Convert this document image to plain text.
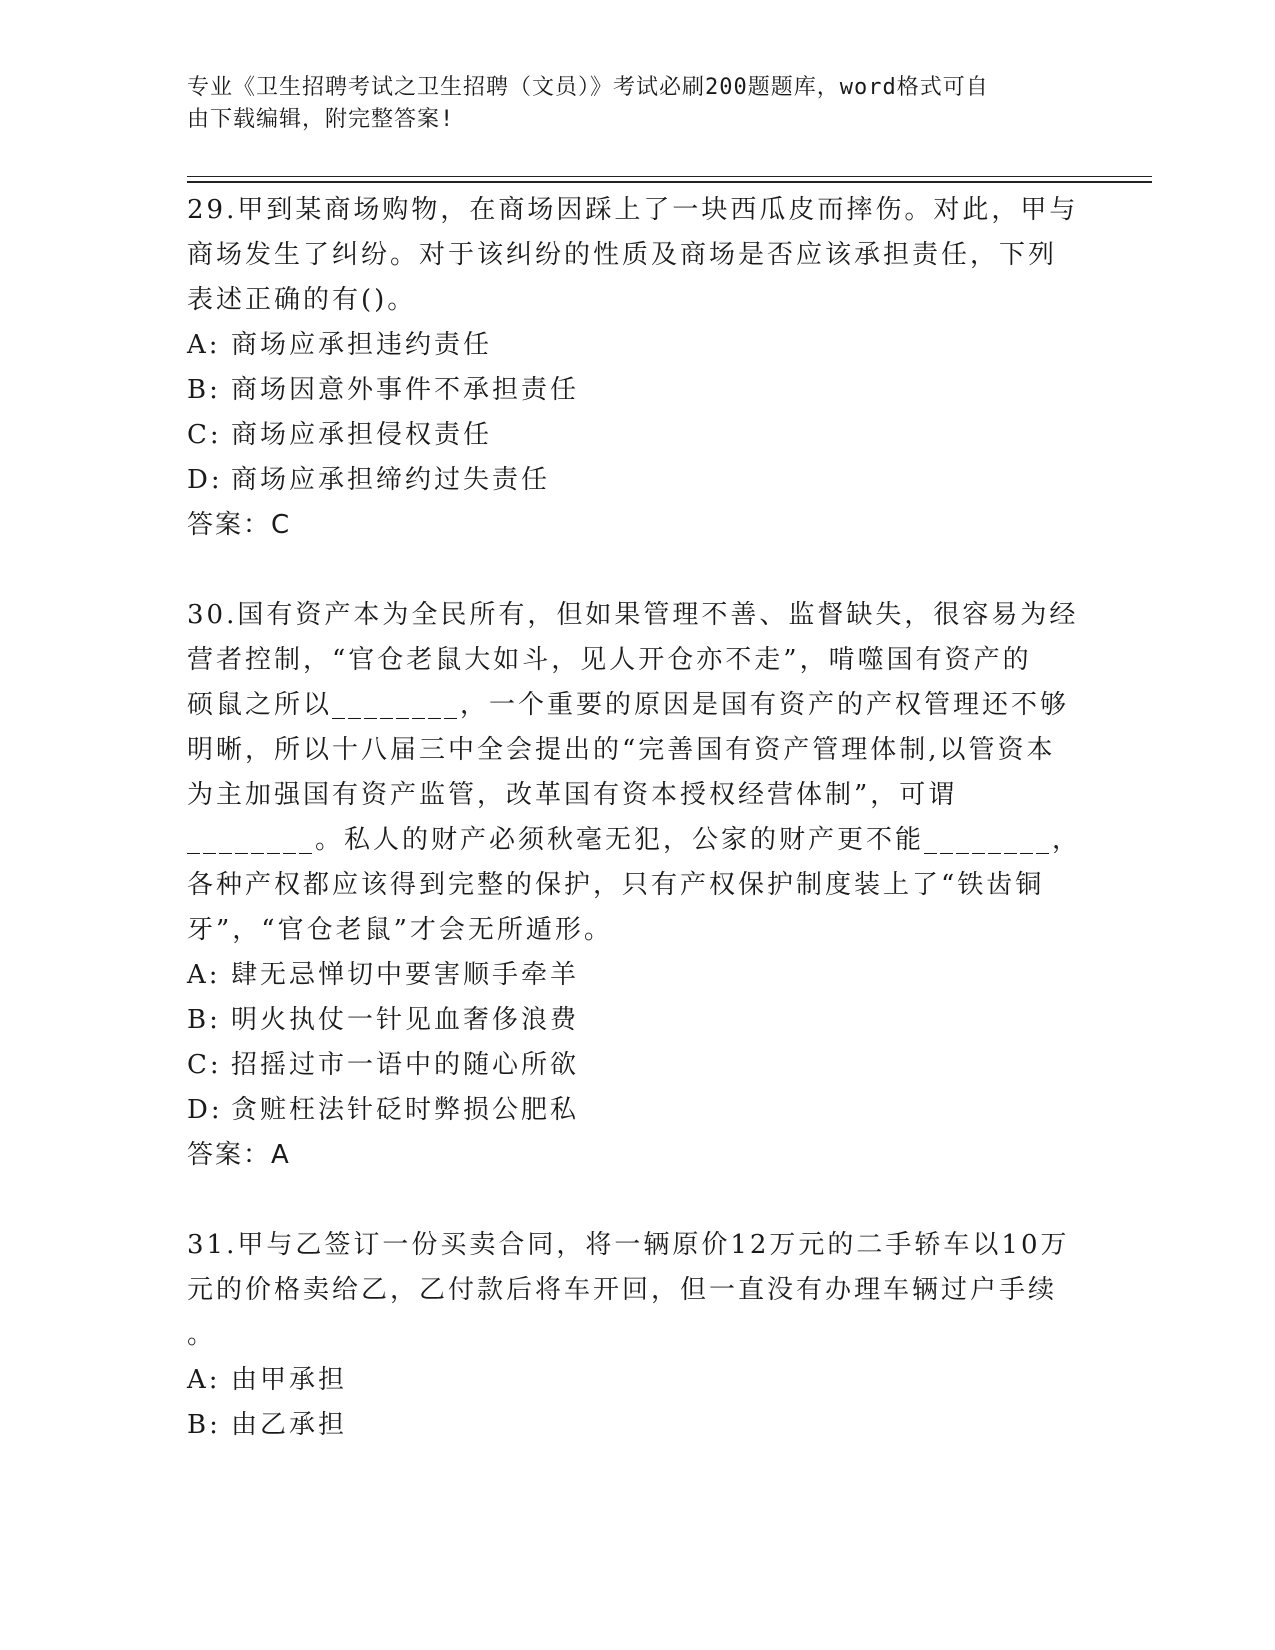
专业《卫生招聘考试之卫生招聘（文员）》考试必刷200题题库，word格式可自
由下载编辑，附完整答案!

29.甲到某商场购物，在商场因踩上了一块西瓜皮而摔伤。对此，甲与

商场发生了纠纷。对于该纠纷的性质及商场是否应该承担责任，下列

表述正确的有()。

A: 商场应承担违约责任
B: 商场因意外事件不承担责任
C: 商场应承担侵权责任
D: 商场应承担缔约过失责任

答案：C

30.国有资产本为全民所有，但如果管理不善、监督缺失，很容易为经

营者控制，“官仓老鼠大如斗，见人开仓亦不走”，啃噬国有资产的

硕鼠之所以________，一个重要的原因是国有资产的产权管理还不够

明晰，所以十八届三中全会提出的“完善国有资产管理体制,以管资本

为主加强国有资产监管，改革国有资本授权经营体制”，可谓

________。私人的财产必须秋毫无犯，公家的财产更不能________，

各种产权都应该得到完整的保护，只有产权保护制度装上了“铁齿铜

牙”，“官仓老鼠”才会无所遁形。

A: 肆无忌惮切中要害顺手牵羊
B: 明火执仗一针见血奢侈浪费
C: 招摇过市一语中的随心所欲
D: 贪赃枉法针砭时弊损公肥私

答案：A

31.甲与乙签订一份买卖合同，将一辆原价12万元的二手轿车以10万

元的价格卖给乙，乙付款后将车开回，但一直没有办理车辆过户手续

。

A: 由甲承担
B: 由乙承担
